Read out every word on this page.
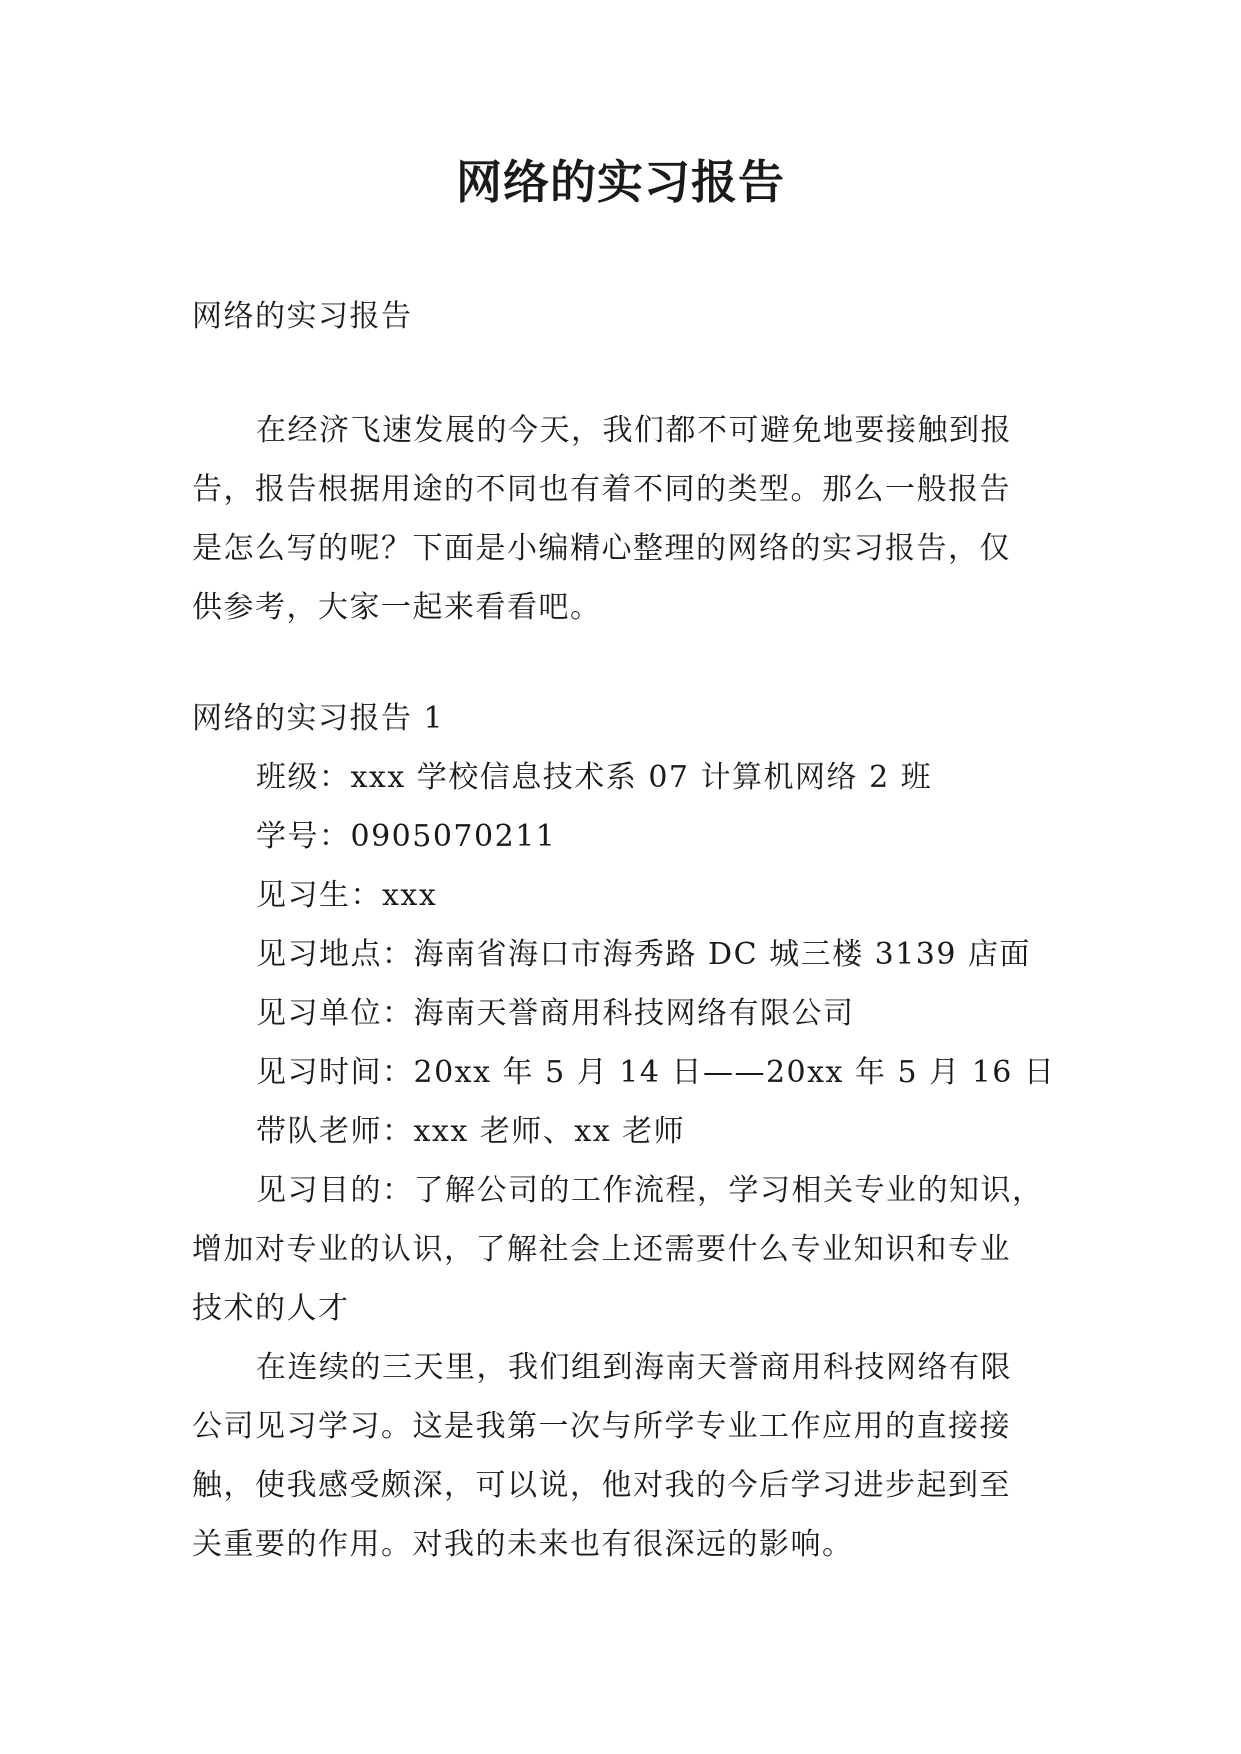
网络的实习报告
网络的实习报告
在经济飞速发展的今天，我们都不可避免地要接触到报
告，报告根据用途的不同也有着不同的类型。那么一般报告
是怎么写的呢？下面是小编精心整理的网络的实习报告，仅
供参考，大家一起来看看吧。
网络的实习报告 1
班级：xxx 学校信息技术系 07 计算机网络 2 班
学号：0905070211
见习生：xxx
见习地点：海南省海口市海秀路 DC 城三楼 3139 店面
见习单位：海南天誉商用科技网络有限公司
见习时间：20xx 年 5 月 14 日——20xx 年 5 月 16 日
带队老师：xxx 老师、xx 老师
见习目的：了解公司的工作流程，学习相关专业的知识，
增加对专业的认识，了解社会上还需要什么专业知识和专业
技术的人才
在连续的三天里，我们组到海南天誉商用科技网络有限
公司见习学习。这是我第一次与所学专业工作应用的直接接
触，使我感受颇深，可以说，他对我的今后学习进步起到至
关重要的作用。对我的未来也有很深远的影响。
